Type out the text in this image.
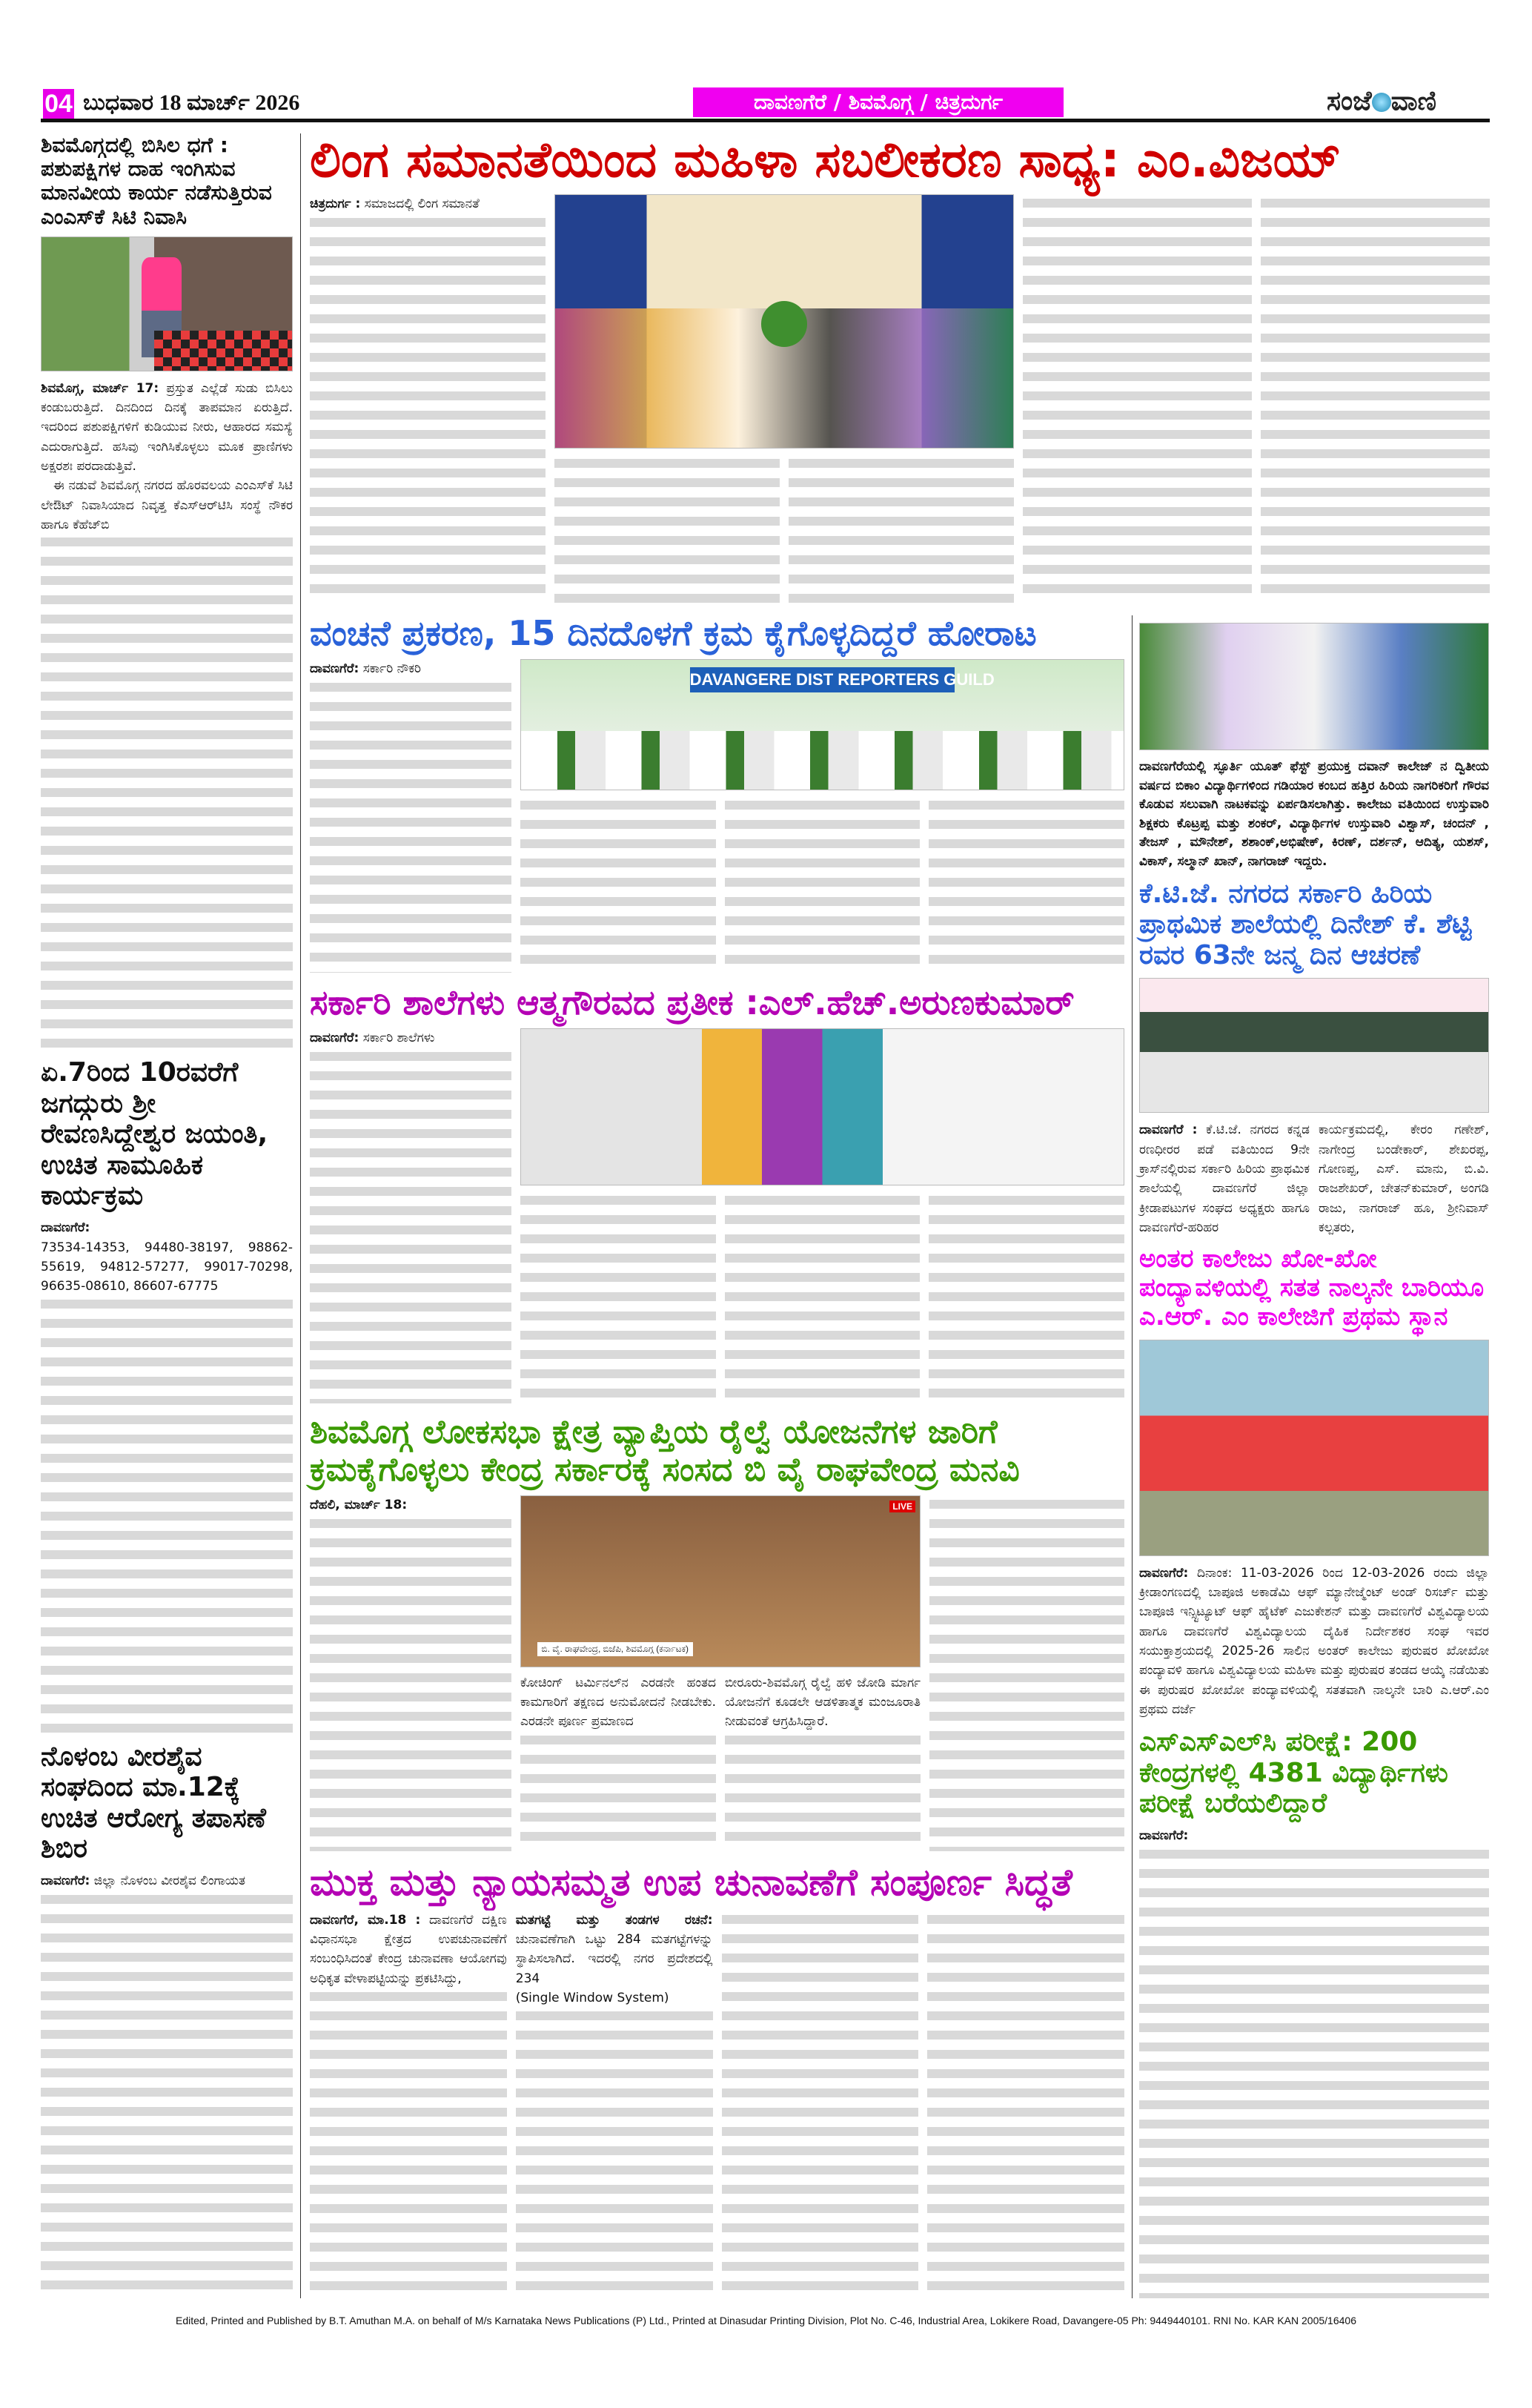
04 ಬುಧವಾರ 18 ಮಾರ್ಚ್ 2026	ದಾವಣಗೆರೆ / ಶಿವಮೊಗ್ಗ / ಚಿತ್ರದುರ್ಗ	ಸಂಜೆ ವಾಣಿ
ಶಿವಮೊಗ್ಗದಲ್ಲಿ ಬಿಸಿಲ ಧಗೆ : ಪಶುಪಕ್ಷಿಗಳ ದಾಹ ಇಂಗಿಸುವ ಮಾನವೀಯ ಕಾರ್ಯ ನಡೆಸುತ್ತಿರುವ ಎಂಎಸ್‌ಕೆ ಸಿಟಿ ನಿವಾಸಿ

ಶಿವಮೊಗ್ಗ, ಮಾರ್ಚ್ 17: ಪ್ರಸ್ತುತ ಎಲ್ಲೆಡೆ ಸುಡು ಬಿಸಿಲು ಕಂಡುಬರುತ್ತಿದೆ. ದಿನದಿಂದ ದಿನಕ್ಕೆ ತಾಪಮಾನ ಏರುತ್ತಿದೆ. ಇದರಿಂದ ಪಶುಪಕ್ಷಿಗಳಿಗೆ ಕುಡಿಯುವ ನೀರು, ಆಹಾರದ ಸಮಸ್ಯೆ ಎದುರಾಗುತ್ತಿದೆ. ಹಸಿವು ಇಂಗಿಸಿಕೊಳ್ಳಲು ಮೂಕ ಪ್ರಾಣಿಗಳು ಅಕ್ಷರಶಃ ಪರದಾಡುತ್ತಿವೆ.

 ಈ ನಡುವೆ ಶಿವಮೊಗ್ಗ ನಗರದ ಹೊರವಲಯ ಎಂಎಸ್‌ಕೆ ಸಿಟಿ ಲೇಔಟ್ ನಿವಾಸಿಯಾದ ನಿವೃತ್ತ ಕೆಎಸ್‌ಆರ್‌ಟಿಸಿ ಸಂಸ್ಥೆ ನೌಕರ ಹಾಗೂ ಕೆಹೆಚ್‌ಬಿ

ಏ.7ರಿಂದ 10ರವರೆಗೆ ಜಗದ್ಗುರು ಶ್ರೀ ರೇವಣಸಿದ್ದೇಶ್ವರ ಜಯಂತಿ, ಉಚಿತ ಸಾಮೂಹಿಕ ಕಾರ್ಯಕ್ರಮ

ದಾವಣಗೆರೆ:

73534-14353, 94480-38197, 98862-55619, 94812-57277, 99017-70298, 96635-08610, 86607-67775

ನೊಳಂಬ ವೀರಶೈವ ಸಂಘದಿಂದ ಮಾ.12ಕ್ಕೆ ಉಚಿತ ಆರೋಗ್ಯ ತಪಾಸಣೆ ಶಿಬಿರ

ದಾವಣಗೆರೆ: ಜಿಲ್ಲಾ ನೊಳಂಬ ವೀರಶೈವ ಲಿಂಗಾಯತ

ಲಿಂಗ ಸಮಾನತೆಯಿಂದ ಮಹಿಳಾ ಸಬಲೀಕರಣ ಸಾಧ್ಯ: ಎಂ.ವಿಜಯ್

ಚಿತ್ರದುರ್ಗ : ಸಮಾಜದಲ್ಲಿ ಲಿಂಗ ಸಮಾನತೆ

ವಂಚನೆ ಪ್ರಕರಣ, 15 ದಿನದೊಳಗೆ ಕ್ರಮ ಕೈಗೊಳ್ಳದಿದ್ದರೆ ಹೋರಾಟ

ದಾವಣಗೆರೆ: ಸರ್ಕಾರಿ ನೌಕರಿ

DAVANGERE DIST REPORTERS GUILD
ಸರ್ಕಾರಿ ಶಾಲೆಗಳು ಆತ್ಮಗೌರವದ ಪ್ರತೀಕ :ಎಲ್.ಹೆಚ್.ಅರುಣಕುಮಾರ್

ದಾವಣಗೆರೆ: ಸರ್ಕಾರಿ ಶಾಲೆಗಳು

ಶಿವಮೊಗ್ಗ ಲೋಕಸಭಾ ಕ್ಷೇತ್ರ ವ್ಯಾಪ್ತಿಯ ರೈಲ್ವೆ ಯೋಜನೆಗಳ ಜಾರಿಗೆ ಕ್ರಮಕೈಗೊಳ್ಳಲು ಕೇಂದ್ರ ಸರ್ಕಾರಕ್ಕೆ ಸಂಸದ ಬಿ ವೈ ರಾಘವೇಂದ್ರ ಮನವಿ

ದೆಹಲಿ, ಮಾರ್ಚ್ 18:	LIVE
ಬಿ. ವೈ. ರಾಘವೇಂದ್ರ, ಬಿಜೆಪಿ, ಶಿವಮೊಗ್ಗ (ಕರ್ನಾಟಕ)

ಕೋಚಿಂಗ್ ಟರ್ಮಿನಲ್‌ನ ಎರಡನೇ ಹಂತದ ಕಾಮಗಾರಿಗೆ ತಕ್ಷಣದ ಅನುಮೋದನೆ ನೀಡಬೇಕು. ಎರಡನೇ ಪೂರ್ಣ ಪ್ರಮಾಣದ

ಬೀರೂರು-ಶಿವಮೊಗ್ಗ ರೈಲ್ವೆ ಹಳಿ ಜೋಡಿ ಮಾರ್ಗ ಯೋಜನೆಗೆ ಕೂಡಲೇ ಆಡಳಿತಾತ್ಮಕ ಮಂಜೂರಾತಿ ನೀಡುವಂತೆ ಆಗ್ರಹಿಸಿದ್ದಾರೆ.

ಮುಕ್ತ ಮತ್ತು ನ್ಯಾಯಸಮ್ಮತ ಉಪ ಚುನಾವಣೆಗೆ ಸಂಪೂರ್ಣ ಸಿದ್ಧತೆ

ದಾವಣಗೆರೆ, ಮಾ.18 : ದಾವಣಗೆರೆ ದಕ್ಷಿಣ ವಿಧಾನಸಭಾ ಕ್ಷೇತ್ರದ ಉಪಚುನಾವಣೆಗೆ ಸಂಬಂಧಿಸಿದಂತೆ ಕೇಂದ್ರ ಚುನಾವಣಾ ಆಯೋಗವು ಅಧಿಕೃತ ವೇಳಾಪಟ್ಟಿಯನ್ನು ಪ್ರಕಟಿಸಿದ್ದು,

ಮತಗಟ್ಟೆ ಮತ್ತು ತಂಡಗಳ ರಚನೆ: ಚುನಾವಣೆಗಾಗಿ ಒಟ್ಟು 284 ಮತಗಟ್ಟೆಗಳನ್ನು ಸ್ಥಾಪಿಸಲಾಗಿದೆ. ಇದರಲ್ಲಿ ನಗರ ಪ್ರದೇಶದಲ್ಲಿ 234

(Single Window System)

ದಾವಣಗೆರೆಯಲ್ಲಿ ಸ್ಫೂರ್ತಿ ಯೂತ್ ಫೆಸ್ಟ್ ಪ್ರಯುಕ್ತ ದವಾನ್ ಕಾಲೇಜ್ ನ ದ್ವಿತೀಯ ವರ್ಷದ ಬಿಕಾಂ ವಿದ್ಯಾರ್ಥಿಗಳಿಂದ ಗಡಿಯಾರ ಕಂಬದ ಹತ್ತಿರ ಹಿರಿಯ ನಾಗರಿಕರಿಗೆ ಗೌರವ ಕೊಡುವ ಸಲುವಾಗಿ ನಾಟಕವನ್ನು ಏರ್ಪಡಿಸಲಾಗಿತ್ತು. ಕಾಲೇಜು ವತಿಯಿಂದ ಉಸ್ತುವಾರಿ ಶಿಕ್ಷಕರು ಕೊಟ್ರಪ್ಪ ಮತ್ತು ಶಂಕರ್, ವಿದ್ಯಾರ್ಥಿಗಳ ಉಸ್ತುವಾರಿ ವಿಶ್ವಾಸ್, ಚಂದನ್ , ತೇಜಸ್ , ಮೌನೇಶ್, ಶಶಾಂಕ್,ಅಭಿಷೇಕ್, ಕಿರಣ್, ದರ್ಶನ್, ಆದಿತ್ಯ, ಯಶಸ್, ವಿಕಾಸ್, ಸಲ್ಮಾನ್ ಖಾನ್, ನಾಗರಾಜ್ ಇದ್ದರು.
ಕೆ.ಟಿ.ಜೆ. ನಗರದ ಸರ್ಕಾರಿ ಹಿರಿಯ ಪ್ರಾಥಮಿಕ ಶಾಲೆಯಲ್ಲಿ ದಿನೇಶ್ ಕೆ. ಶೆಟ್ಟಿ ರವರ 63ನೇ ಜನ್ಮ ದಿನ ಆಚರಣೆ

ದಾವಣಗೆರೆ : ಕೆ.ಟಿ.ಜೆ. ನಗರದ ಕನ್ನಡ ರಣಧೀರರ ಪಡೆ ವತಿಯಿಂದ 9ನೇ ಕ್ರಾಸ್‌ನಲ್ಲಿರುವ ಸರ್ಕಾರಿ ಹಿರಿಯ ಪ್ರಾಥಮಿಕ ಶಾಲೆಯಲ್ಲಿ ದಾವಣಗೆರೆ ಜಿಲ್ಲಾ ಕ್ರೀಡಾಪಟುಗಳ ಸಂಘದ ಅಧ್ಯಕ್ಷರು ಹಾಗೂ ದಾವಣಗೆರೆ-ಹರಿಹರ

ಕಾರ್ಯಕ್ರಮದಲ್ಲಿ, ಕೇರಂ ಗಣೇಶ್, ನಾಗೇಂದ್ರ ಬಂಡೇಕಾರ್, ಶೇಖರಪ್ಪ, ಗೋಣಪ್ಪ, ಎಸ್. ಮಾನು, ಬಿ.ವಿ. ರಾಜಶೇಖರ್, ಚೇತನ್‌ಕುಮಾರ್, ಅಂಗಡಿ ರಾಜು, ನಾಗರಾಜ್ ಹೂ, ಶ್ರೀನಿವಾಸ್ ಕಲ್ಪತರು,

ಅಂತರ ಕಾಲೇಜು ಖೋ-ಖೋ ಪಂದ್ಯಾವಳಿಯಲ್ಲಿ ಸತತ ನಾಲ್ಕನೇ ಬಾರಿಯೂ ಎ.ಆರ್. ಎಂ ಕಾಲೇಜಿಗೆ ಪ್ರಥಮ ಸ್ಥಾನ

ದಾವಣಗೆರೆ: ದಿನಾಂಕ: 11-03-2026 ರಿಂದ 12-03-2026 ರಂದು ಜಿಲ್ಲಾ ಕ್ರೀಡಾಂಗಣದಲ್ಲಿ ಬಾಪೂಜಿ ಅಕಾಡೆಮಿ ಆಫ್ ಮ್ಯಾನೇಜ್ಮೆಂಟ್ ಅಂಡ್ ರಿಸರ್ಚ್ ಮತ್ತು ಬಾಪೂಜಿ ಇನ್ಸ್ಟಿಟ್ಯೂಟ್ ಆಫ್ ಹೈಟೆಕ್ ಎಜುಕೇಶನ್ ಮತ್ತು ದಾವಣಗೆರೆ ವಿಶ್ವವಿದ್ಯಾಲಯ ಹಾಗೂ ದಾವಣಗೆರೆ ವಿಶ್ವವಿದ್ಯಾಲಯ ದೈಹಿಕ ನಿರ್ದೇಶಕರ ಸಂಘ ಇವರ ಸಯುಕ್ತಾಶ್ರಯದಲ್ಲಿ 2025-26 ಸಾಲಿನ ಅಂತರ್ ಕಾಲೇಜು ಪುರುಷರ ಖೋಖೋ ಪಂದ್ಯಾವಳಿ ಹಾಗೂ ವಿಶ್ವವಿದ್ಯಾಲಯ ಮಹಿಳಾ ಮತ್ತು ಪುರುಷರ ತಂಡದ ಆಯ್ಕೆ ನಡೆಯಿತು ಈ ಪುರುಷರ ಖೋಖೋ ಪಂದ್ಯಾವಳಿಯಲ್ಲಿ ಸತತವಾಗಿ ನಾಲ್ಕನೇ ಬಾರಿ ಎ.ಆರ್.ಎಂ ಪ್ರಥಮ ದರ್ಜೆ

ಎಸ್‌ಎಸ್‌ಎಲ್‌ಸಿ ಪರೀಕ್ಷೆ: 200 ಕೇಂದ್ರಗಳಲ್ಲಿ 4381 ವಿದ್ಯಾರ್ಥಿಗಳು ಪರೀಕ್ಷೆ ಬರೆಯಲಿದ್ದಾರೆ

ದಾವಣಗೆರೆ:

Edited, Printed and Published by B.T. Amuthan M.A. on behalf of M/s Karnataka News Publications (P) Ltd., Printed at Dinasudar Printing Division, Plot No. C-46, Industrial Area, Lokikere Road, Davangere-05 Ph: 9449440101. RNI No. KAR KAN 2005/16406
